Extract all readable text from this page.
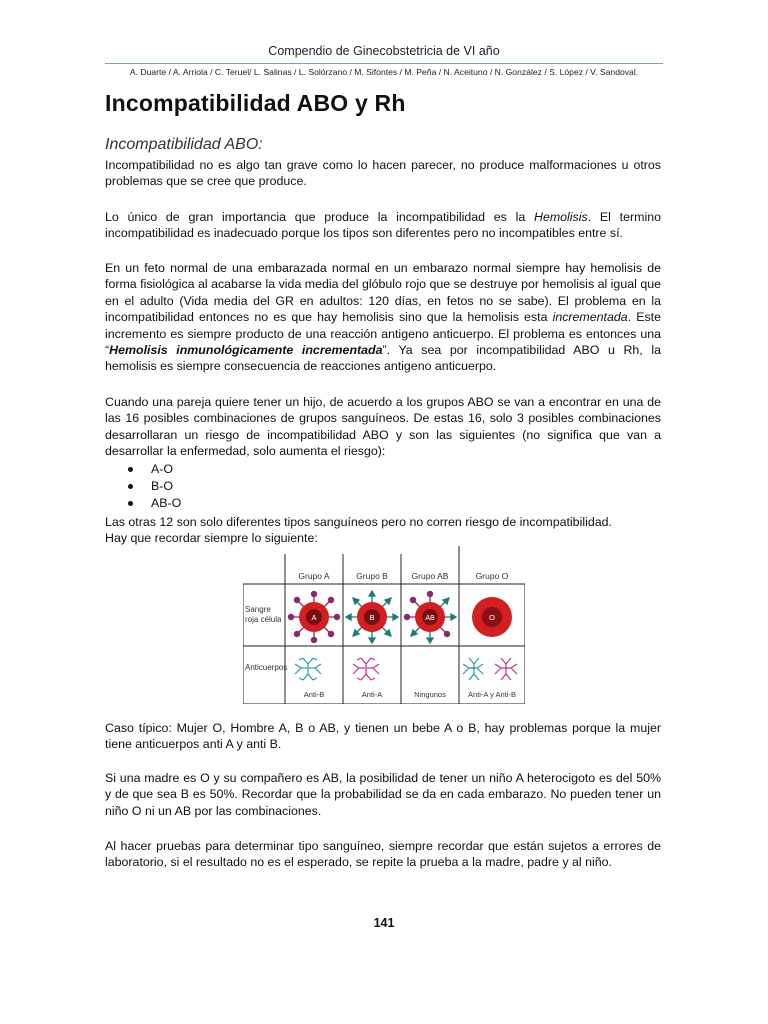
Compendio de Ginecobstetricia de VI año
A. Duarte / A. Arriola / C. Teruel/ L. Salinas / L. Solórzano / M. Sifontes / M. Peña / N. Aceituno / N. González / S. López / V. Sandoval.
Incompatibilidad ABO y Rh
Incompatibilidad ABO:
Incompatibilidad no es algo tan grave como lo hacen parecer, no produce malformaciones u otros problemas que se cree que produce.
Lo único de gran importancia que produce la incompatibilidad es la Hemolisis. El termino incompatibilidad es inadecuado porque los tipos son diferentes pero no incompatibles entre sí.
En un feto normal de una embarazada normal en un embarazo normal siempre hay hemolisis de forma fisiológica al acabarse la vida media del glóbulo rojo que se destruye por hemolisis al igual que en el adulto (Vida media del GR en adultos: 120 días, en fetos no se sabe). El problema en la incompatibilidad entonces no es que hay hemolisis sino que la hemolisis esta incrementada. Este incremento es siempre producto de una reacción antigeno anticuerpo. El problema es entonces una “Hemolisis inmunológicamente incrementada”. Ya sea por incompatibilidad ABO u Rh, la hemolisis es siempre consecuencia de reacciones antigeno anticuerpo.
Cuando una pareja quiere tener un hijo, de acuerdo a los grupos ABO se van a encontrar en una de las 16 posibles combinaciones de grupos sanguíneos. De estas 16, solo 3 posibles combinaciones desarrollaran un riesgo de incompatibilidad ABO y son las siguientes (no significa que van a desarrollar la enfermedad, solo aumenta el riesgo):
A-O
B-O
AB-O
Las otras 12 son solo diferentes tipos sanguíneos pero no corren riesgo de incompatibilidad.
Hay que recordar siempre lo siguiente:
Grupo A	Grupo B	Grupo AB	Grupo O
Sangre
roja célula
Anticuerpos
A	B	AB	O
Anti-B	Anti-A	Ningunos	Anti-A y Anti-B
Caso típico: Mujer O, Hombre A, B o AB, y tienen un bebe A o B, hay problemas porque la mujer tiene anticuerpos anti A y anti B.
Si una madre es O y su compañero es AB, la posibilidad de tener un niño A heterocigoto es del 50% y de que sea B es 50%. Recordar que la probabilidad se da en cada embarazo. No pueden tener un niño O ni un AB por las combinaciones.
Al hacer pruebas para determinar tipo sanguíneo, siempre recordar que están sujetos a errores de laboratorio, si el resultado no es el esperado, se repite la prueba a la madre, padre y al niño.
141
